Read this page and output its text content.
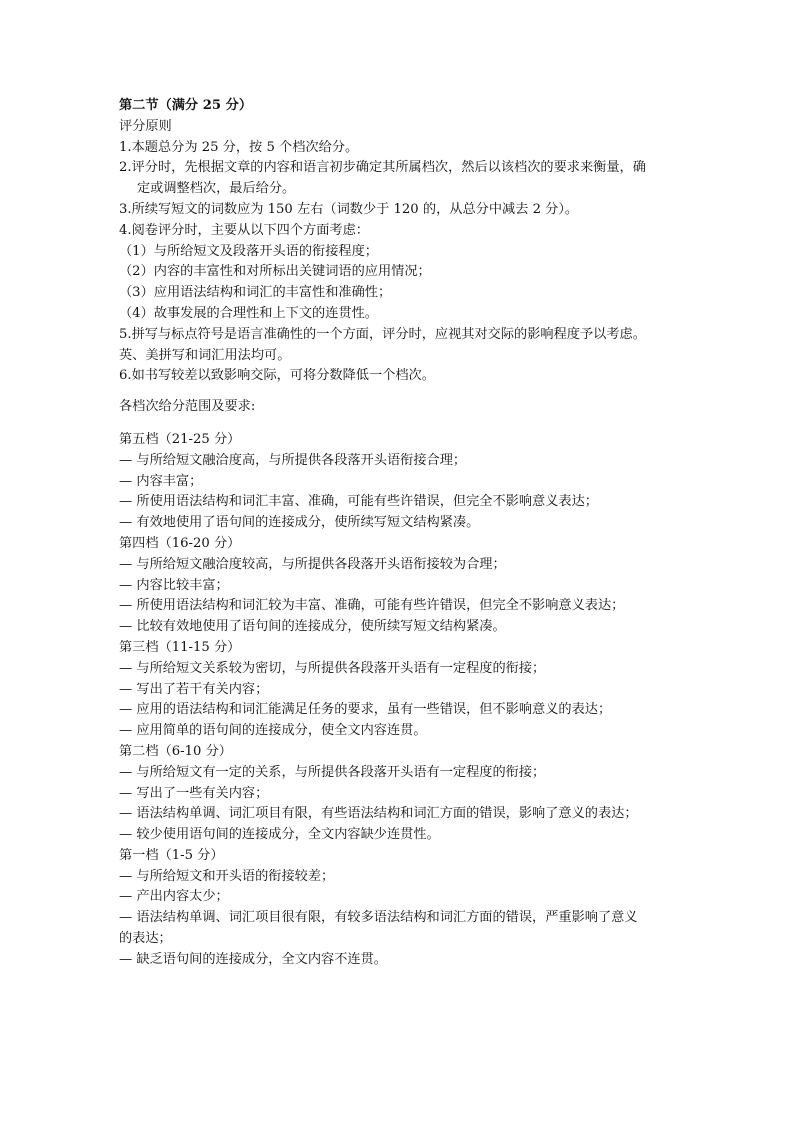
第二节（满分 25 分）
评分原则
1.本题总分为 25 分，按 5 个档次给分。
2.评分时，先根据文章的内容和语言初步确定其所属档次，然后以该档次的要求来衡量，确
定或调整档次，最后给分。
3.所续写短文的词数应为 150 左右（词数少于 120 的，从总分中减去 2 分）。
4.阅卷评分时，主要从以下四个方面考虑：
（1）与所给短文及段落开头语的衔接程度；
（2）内容的丰富性和对所标出关键词语的应用情况；
（3）应用语法结构和词汇的丰富性和准确性；
（4）故事发展的合理性和上下文的连贯性。
5.拼写与标点符号是语言准确性的一个方面，评分时，应视其对交际的影响程度予以考虑。
英、美拼写和词汇用法均可。
6.如书写较差以致影响交际，可将分数降低一个档次。
各档次给分范围及要求:
第五档（21-25 分）
— 与所给短文融洽度高，与所提供各段落开头语衔接合理；
— 内容丰富；
— 所使用语法结构和词汇丰富、准确，可能有些许错误，但完全不影响意义表达；
— 有效地使用了语句间的连接成分，使所续写短文结构紧凑。
第四档（16-20 分）
— 与所给短文融洽度较高，与所提供各段落开头语衔接较为合理；
— 内容比较丰富；
— 所使用语法结构和词汇较为丰富、准确，可能有些许错误，但完全不影响意义表达；
— 比较有效地使用了语句间的连接成分，使所续写短文结构紧凑。
第三档（11-15 分）
— 与所给短文关系较为密切，与所提供各段落开头语有一定程度的衔接；
— 写出了若干有关内容；
— 应用的语法结构和词汇能满足任务的要求，虽有一些错误，但不影响意义的表达；
— 应用简单的语句间的连接成分，使全文内容连贯。
第二档（6-10 分）
— 与所给短文有一定的关系，与所提供各段落开头语有一定程度的衔接；
— 写出了一些有关内容；
— 语法结构单调、词汇项目有限，有些语法结构和词汇方面的错误，影响了意义的表达；
— 较少使用语句间的连接成分，全文内容缺少连贯性。
第一档（1-5 分）
— 与所给短文和开头语的衔接较差；
— 产出内容太少；
— 语法结构单调、词汇项目很有限，有较多语法结构和词汇方面的错误，严重影响了意义
的表达；
— 缺乏语句间的连接成分，全文内容不连贯。
